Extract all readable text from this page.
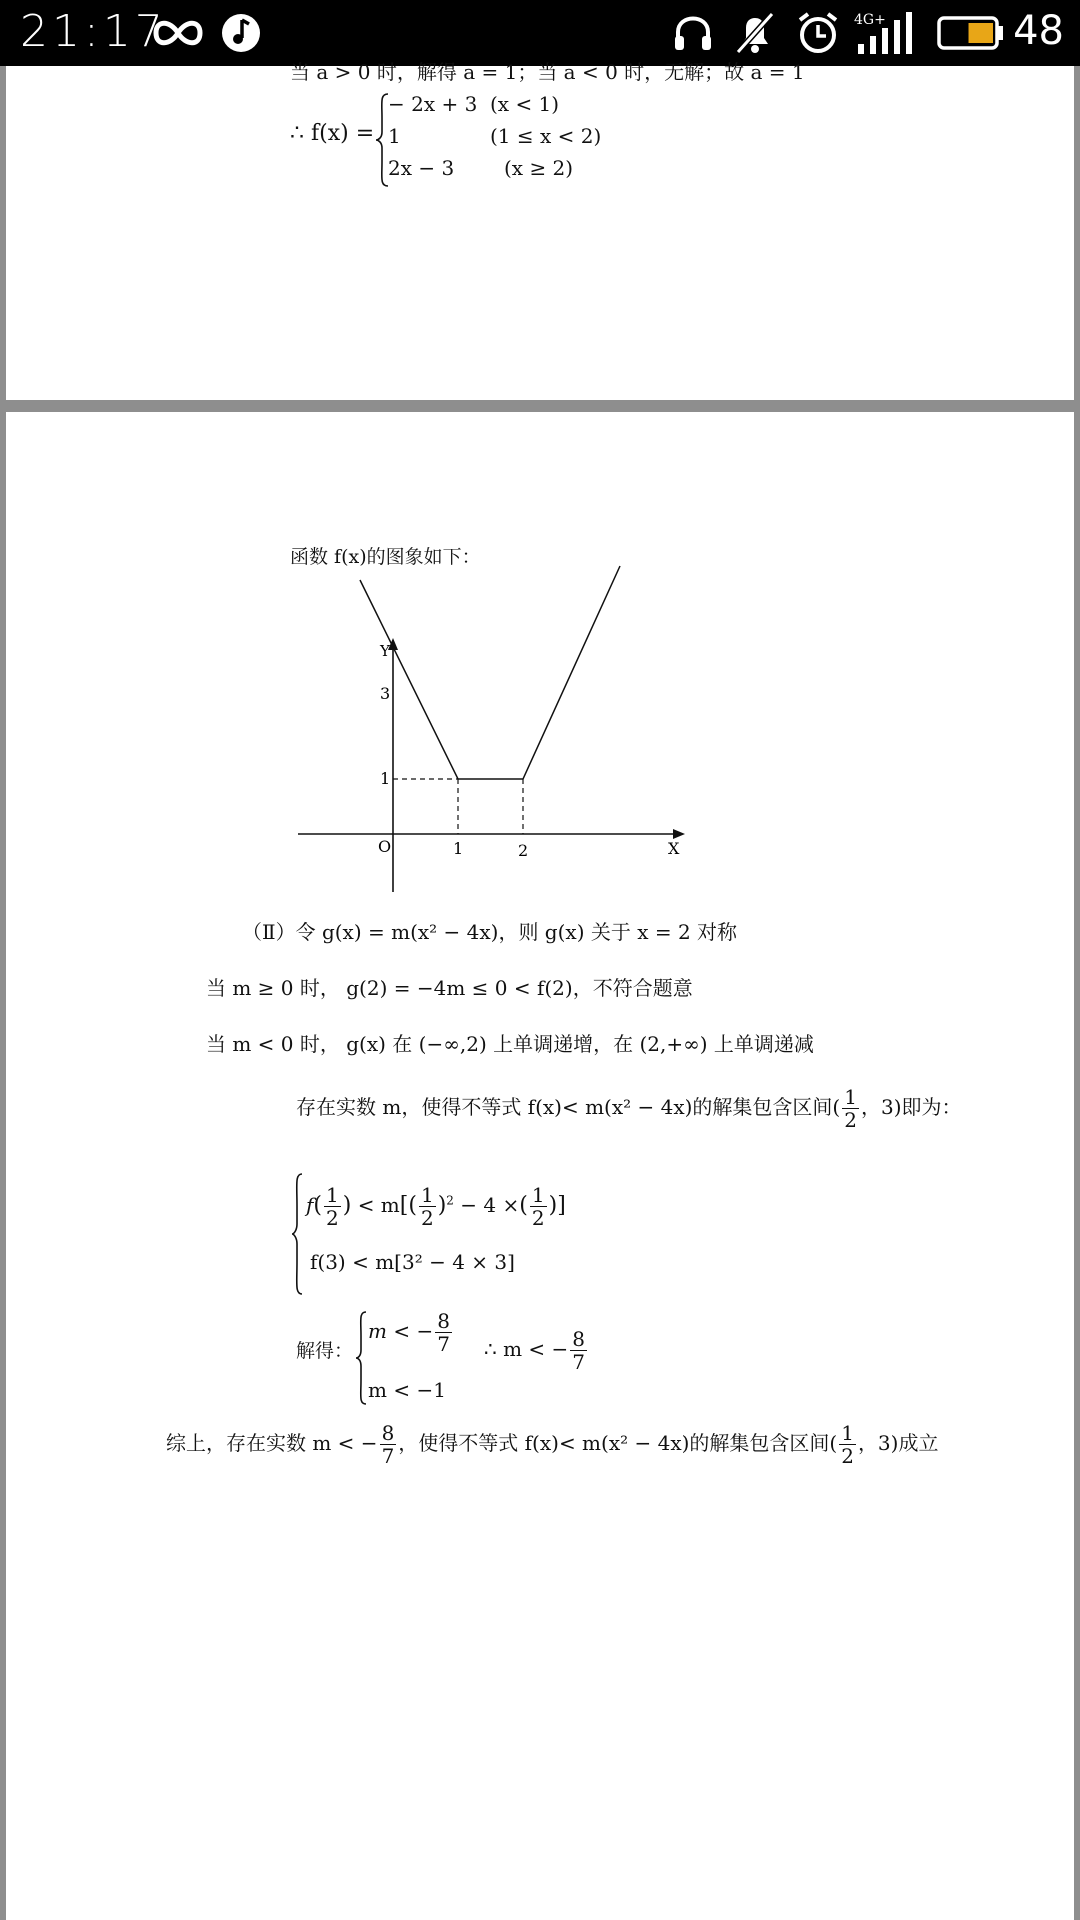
21:17	4G+	48
当 a > 0 时，解得 a = 1；当 a < 0 时，无解；故 a = 1
∴ f(x) =
− 2x + 3 (x < 1)
1	(1 ≤ x < 2)
2x − 3 (x ≥ 2)
函数 f(x)的图象如下：
Y
X
O
3
1
1	2
（Ⅱ）令 g(x) = m(x² − 4x)，则 g(x) 关于 x = 2 对称
当 m ≥ 0 时， g(2) = −4m ≤ 0 < f(2)，不符合题意
当 m < 0 时， g(x) 在 (−∞,2) 上单调递增，在 (2,+∞) 上单调递减
存在实数 m，使得不等式 f(x)< m(x² − 4x)的解集包含区间( $\frac{1}{2}$ ，3)即为：
$f( \frac{1}{2}$ ) < $m[( \frac{1}{2} )^2 - 4$ ×( $\frac{1}{2}$ )]
f(3) < m[3² − 4 × 3]
解得：
m < − $\frac{8}{7}$
m < −1
∴ m < − $\frac{8}{7}$
综上，存在实数 m < − $\frac{8}{7}$ ，使得不等式 f(x)< m(x² − 4x)的解集包含区间( $\frac{1}{2}$ ，3)成立
